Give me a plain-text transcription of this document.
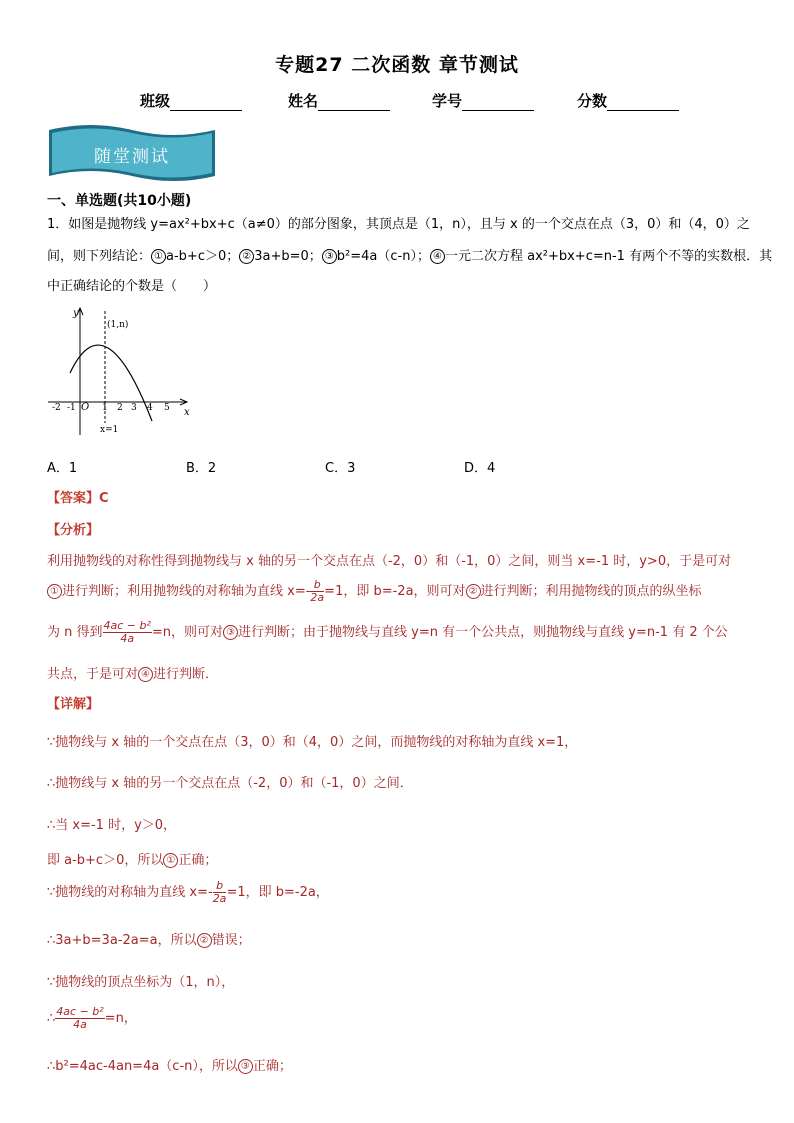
专题27 二次函数 章节测试
班级	姓名	学号	分数
随堂测试
一、单选题(共10小题)
1．如图是抛物线 y=ax²+bx+c（a≠0）的部分图象，其顶点是（1，n），且与 x 的一个交点在点（3，0）和（4，0）之
间，则下列结论： ① a-b+c＞0； ② 3a+b=0； ③ b²=4a（c-n）； ④ 一元二次方程 ax²+bx+c=n-1 有两个不等的实数根．其
中正确结论的个数是（　　）
y
x
(1,n)
x=1
O
-2 -1	1 2 3 4 5
A．1	B．2	C．3	D．4
【答案】C
【分析】
利用抛物线的对称性得到抛物线与 x 轴的另一个交点在点（-2，0）和（-1，0）之间，则当 x=-1 时，y>0，于是可对
① 进行判断；利用抛物线的对称轴为直线 $x=- \frac{b}{2a} =1$，即 b=-2a，则可对 ② 进行判断；利用抛物线的顶点的纵坐标
为 n 得到 $\frac{\text{4ac − b²}}{4a} =n$，则可对 ③ 进行判断；由于抛物线与直线 y=n 有一个公共点，则抛物线与直线 y=n-1 有 2 个公
共点，于是可对 ④ 进行判断．
【详解】
∵抛物线与 x 轴的一个交点在点（3，0）和（4，0）之间，而抛物线的对称轴为直线 x=1，
∴抛物线与 x 轴的另一个交点在点（-2，0）和（-1，0）之间．
∴当 x=-1 时，y＞0，
即 a-b+c＞0，所以 ① 正确；
∵抛物线的对称轴为直线 $x=- \frac{b}{2a} =1$，即 b=-2a，
∴3a+b=3a-2a=a，所以 ② 错误；
∵抛物线的顶点坐标为（1，n），
∴ $\frac{\text{4ac − b²}}{4a} =n$，
∴b²=4ac-4an=4a（c-n），所以 ③ 正确；
